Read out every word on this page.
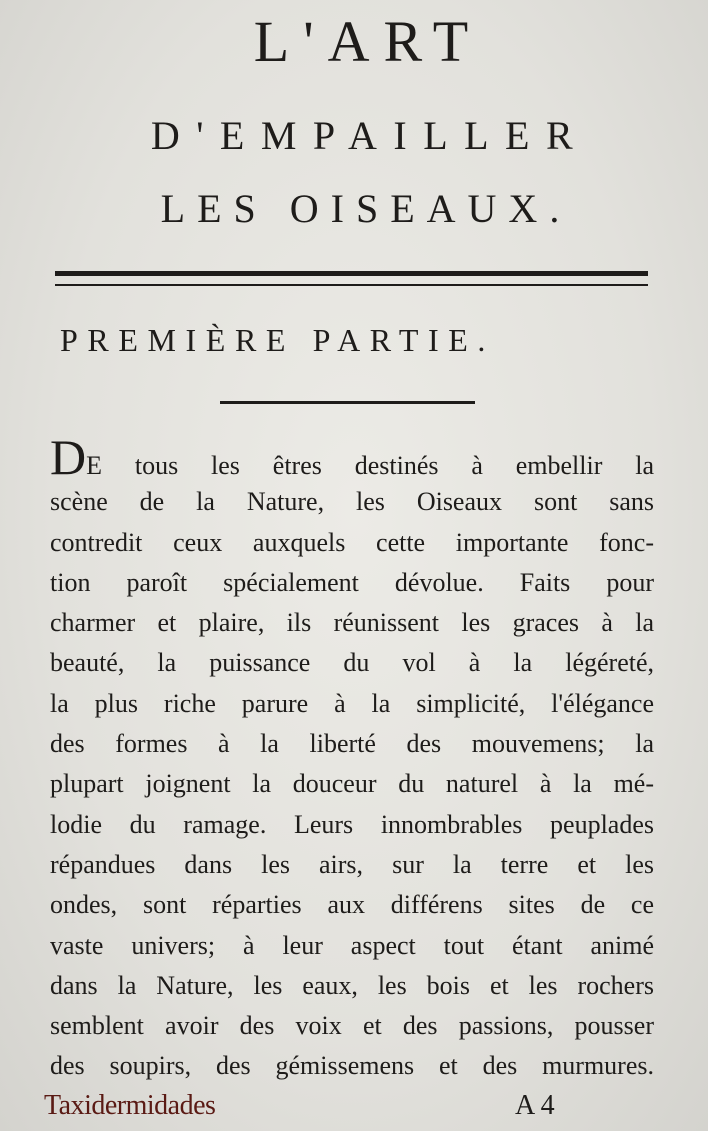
L'ART
D'EMPAILLER
LES OISEAUX.
PREMIÈRE PARTIE.
DE tous les êtres destinés à embellir la
scène de la Nature, les Oiseaux sont sans
contredit ceux auxquels cette importante fonc-
tion paroît spécialement dévolue. Faits pour
charmer et plaire, ils réunissent les graces à la
beauté, la puissance du vol à la légéreté,
la plus riche parure à la simplicité, l'élégance
des formes à la liberté des mouvemens; la
plupart joignent la douceur du naturel à la mé-
lodie du ramage. Leurs innombrables peuplades
répandues dans les airs, sur la terre et les
ondes, sont réparties aux différens sites de ce
vaste univers; à leur aspect tout étant animé
dans la Nature, les eaux, les bois et les rochers
semblent avoir des voix et des passions, pousser
des soupirs, des gémissemens et des murmures.
Taxidermidades	A 4
